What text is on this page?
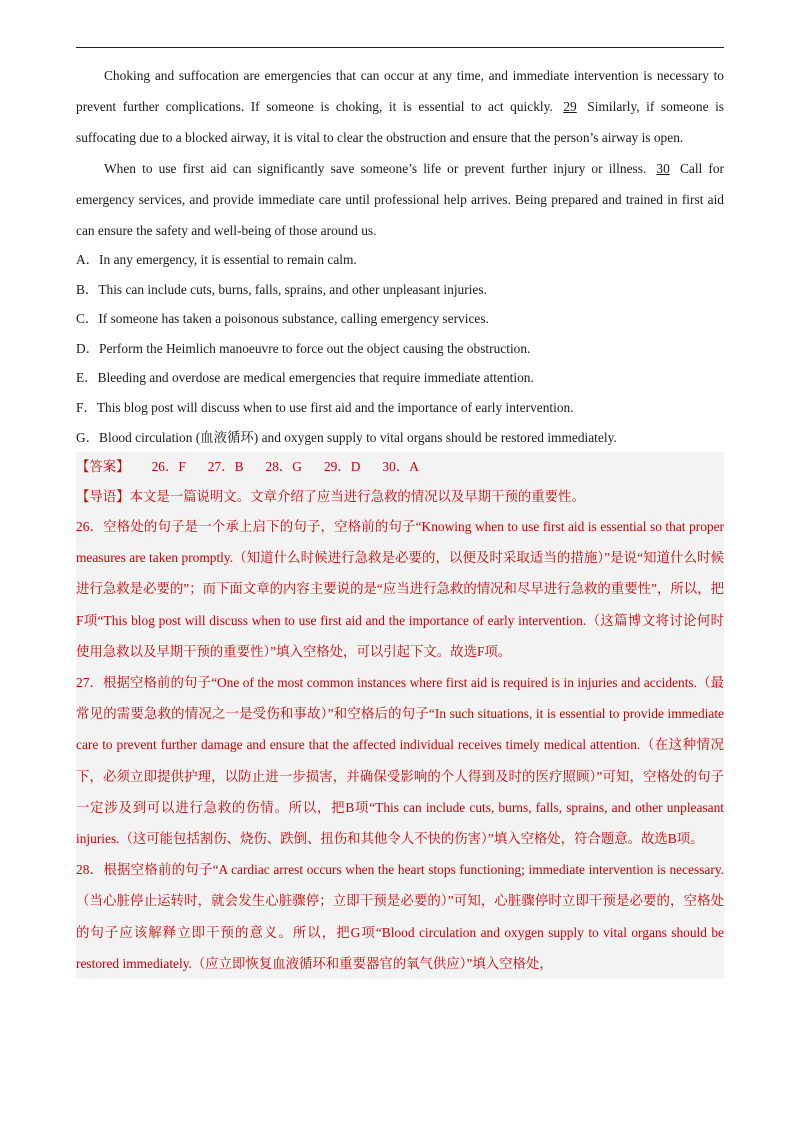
Choking and suffocation are emergencies that can occur at any time, and immediate intervention is necessary to prevent further complications. If someone is choking, it is essential to act quickly. 29 Similarly, if someone is suffocating due to a blocked airway, it is vital to clear the obstruction and ensure that the person’s airway is open.

When to use first aid can significantly save someone’s life or prevent further injury or illness. 30 Call for emergency services, and provide immediate care until professional help arrives. Being prepared and trained in first aid can ensure the safety and well-being of those around us.

A．In any emergency, it is essential to remain calm.

B．This can include cuts, burns, falls, sprains, and other unpleasant injuries.

C．If someone has taken a poisonous substance, calling emergency services.

D．Perform the Heimlich manoeuvre to force out the object causing the obstruction.

E．Bleeding and overdose are medical emergencies that require immediate attention.

F．This blog post will discuss when to use first aid and the importance of early intervention.

G．Blood circulation (血液循环) and oxygen supply to vital organs should be restored immediately.

【答案】 26．F 27．B 28．G 29．D 30．A

【导语】本文是一篇说明文。文章介绍了应当进行急救的情况以及早期干预的重要性。

26．空格处的句子是一个承上启下的句子，空格前的句子“Knowing when to use first aid is essential so that proper measures are taken promptly.（知道什么时候进行急救是必要的，以便及时采取适当的措施）”是说“知道什么时候进行急救是必要的”；而下面文章的内容主要说的是“应当进行急救的情况和尽早进行急救的重要性”，所以，把F项“This blog post will discuss when to use first aid and the importance of early intervention.（这篇博文将讨论何时使用急救以及早期干预的重要性）”填入空格处，可以引起下文。故选F项。

27．根据空格前的句子“One of the most common instances where first aid is required is in injuries and accidents.（最常见的需要急救的情况之一是受伤和事故）”和空格后的句子“In such situations, it is essential to provide immediate care to prevent further damage and ensure that the affected individual receives timely medical attention.（在这种情况下，必须立即提供护理，以防止进一步损害，并确保受影响的个人得到及时的医疗照顾）”可知，空格处的句子一定涉及到可以进行急救的伤情。所以，把B项“This can include cuts, burns, falls, sprains, and other unpleasant injuries.（这可能包括割伤、烧伤、跌倒、扭伤和其他令人不快的伤害）”填入空格处，符合题意。故选B项。

28．根据空格前的句子“A cardiac arrest occurs when the heart stops functioning; immediate intervention is necessary.（当心脏停止运转时，就会发生心脏骤停；立即干预是必要的）”可知，心脏骤停时立即干预是必要的，空格处的句子应该解释立即干预的意义。所以，把G项“Blood circulation and oxygen supply to vital organs should be restored immediately.（应立即恢复血液循环和重要器官的氧气供应）”填入空格处，
